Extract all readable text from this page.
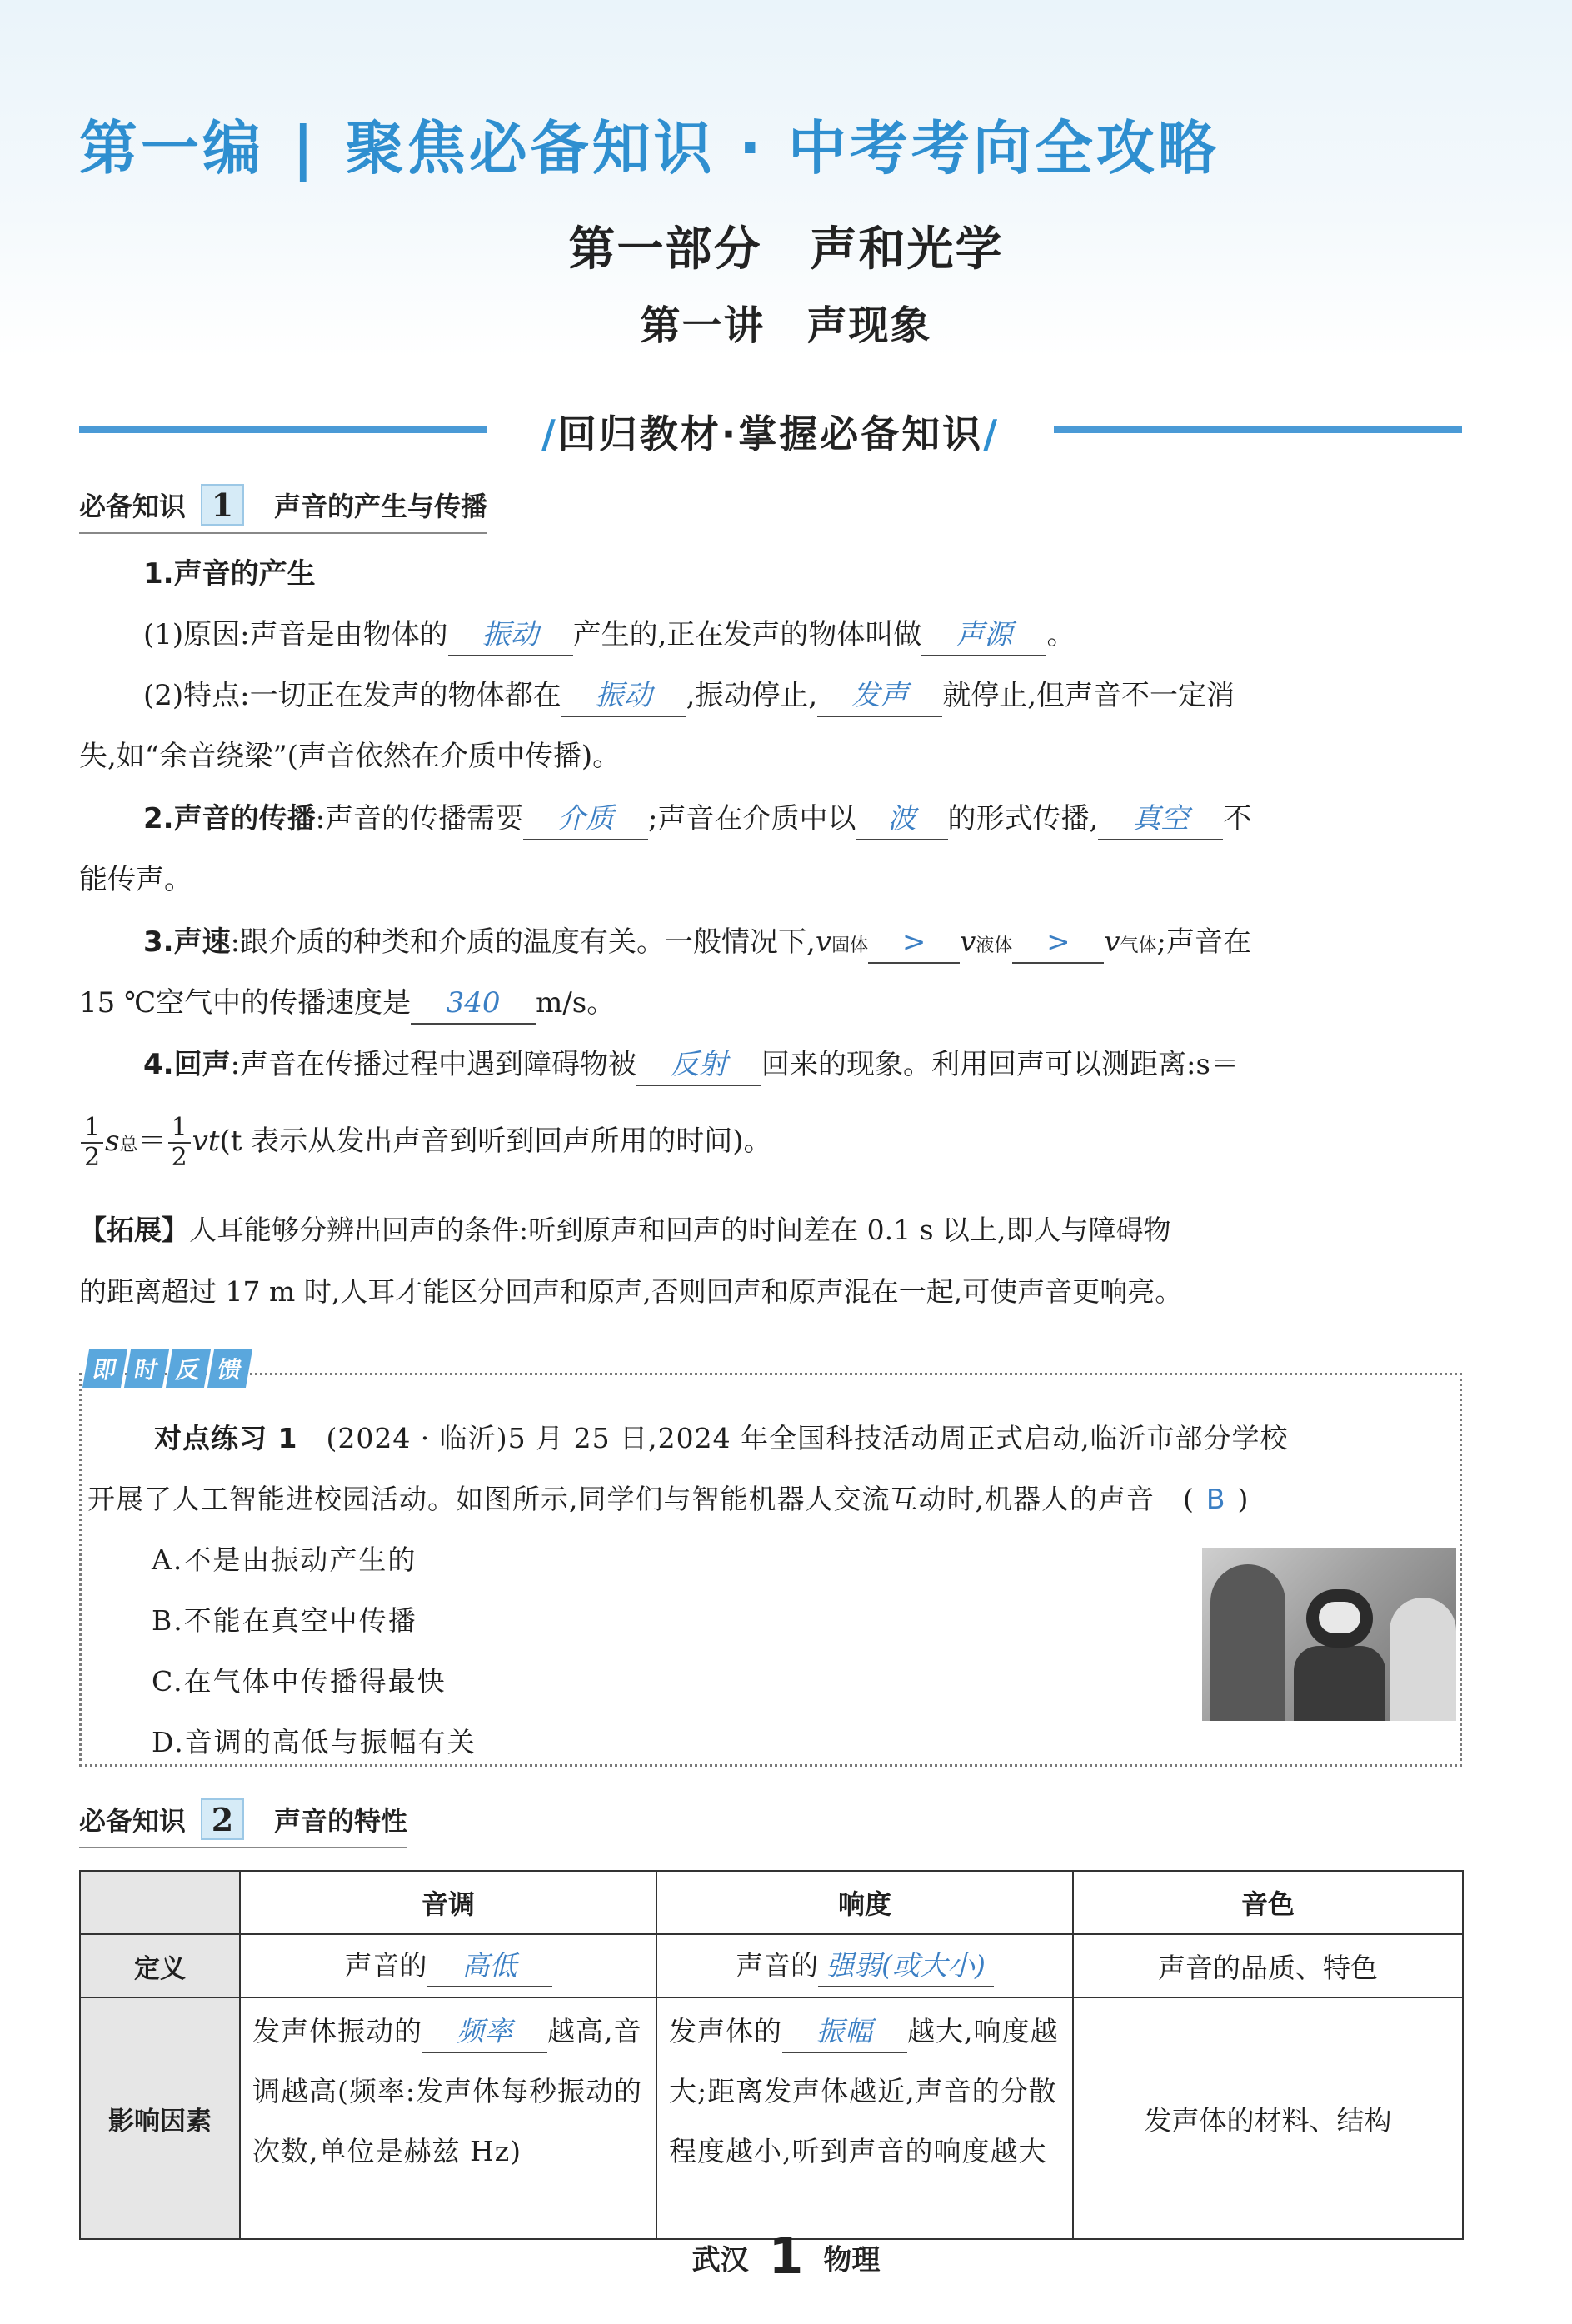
第一编 | 聚焦必备知识 · 中考考向全攻略
第一部分　声和光学
第一讲　声现象
/回归教材·掌握必备知识/
必备知识 1	声音的产生与传播
1.声音的产生
(1)原因:声音是由物体的 振动 产生的,正在发声的物体叫做 声源 。
(2)特点:一切正在发声的物体都在 振动 ,振动停止, 发声 就停止,但声音不一定消
失,如“余音绕梁”(声音依然在介质中传播)。
2.声音的传播:声音的传播需要 介质 ;声音在介质中以 波 的形式传播, 真空 不
能传声。
3.声速:跟介质的种类和介质的温度有关。一般情况下,v固体 > v液体 > v气体;声音在
15 ℃空气中的传播速度是 340 m/s。
4.回声:声音在传播过程中遇到障碍物被 反射 回来的现象。利用回声可以测距离:s＝
$\frac{1}{2}$ s总＝ $\frac{1}{2} vt(t$ 表示从发出声音到听到回声所用的时间)。
【拓展】人耳能够分辨出回声的条件:听到原声和回声的时间差在 0.1 s 以上,即人与障碍物
的距离超过 17 m 时,人耳才能区分回声和原声,否则回声和原声混在一起,可使声音更响亮。
即 时 反 馈
对点练习 1　 (2024 · 临沂)5 月 25 日,2024 年全国科技活动周正式启动,临沂市部分学校
开展了人工智能进校园活动。如图所示,同学们与智能机器人交流互动时,机器人的声音　( B )
A.不是由振动产生的
B.不能在真空中传播
C.在气体中传播得最快
D.音调的高低与振幅有关
必备知识 2	声音的特性
	音调	响度	音色
定义	声音的 高低	声音的 强弱(或大小)	声音的品质、特色
影响因素	发声体振动的 频率 越高,音调越高(频率:发声体每秒振动的次数,单位是赫兹 Hz)	发声体的 振幅 越大,响度越大;距离发声体越近,声音的分散程度越小,听到声音的响度越大	发声体的材料、结构
武汉 1 物理
